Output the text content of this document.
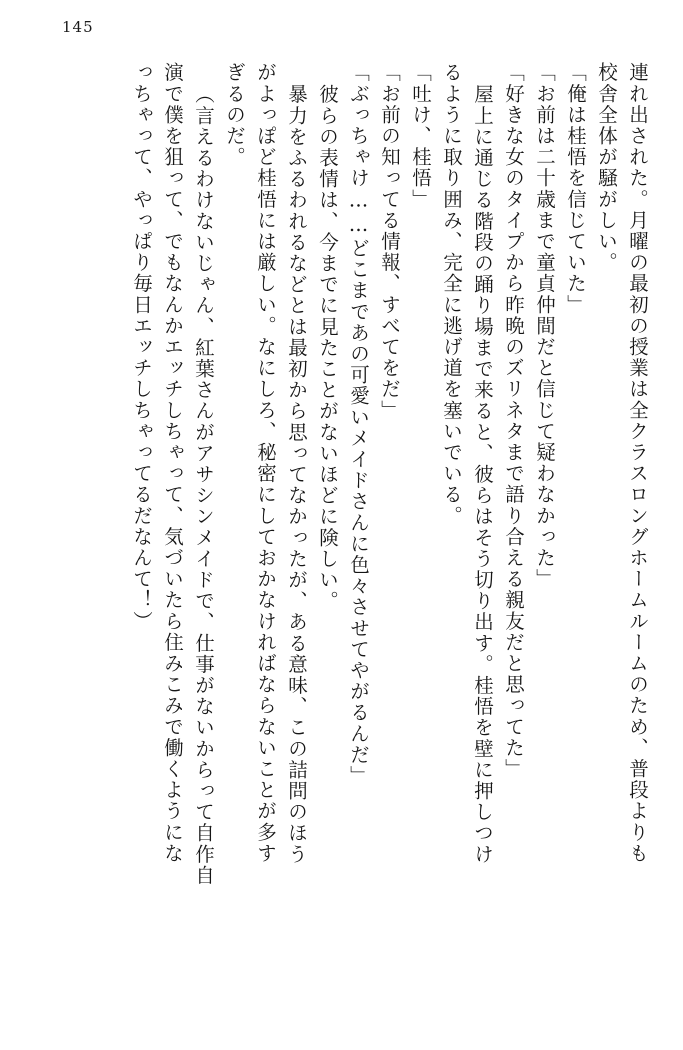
145
連れ出された。月曜の最初の授業は全クラスロングホームルームのため、普段よりも
校舎全体が騒がしい。
「俺は桂悟を信じていた」
「お前は二十歳まで童貞仲間だと信じて疑わなかった」
「好きな女のタイプから昨晩のズリネタまで語り合える親友だと思ってた」
屋上に通じる階段の踊り場まで来ると、彼らはそう切り出す。桂悟を壁に押しつけ
るように取り囲み、完全に逃げ道を塞いでいる。
「吐け、桂悟」
「お前の知ってる情報、すべてをだ」
「ぶっちゃけ……どこまであの可愛いメイドさんに色々させてやがるんだ」
彼らの表情は、今までに見たことがないほどに険しい。
暴力をふるわれるなどとは最初から思ってなかったが、ある意味、この詰問のほう
がよっぽど桂悟には厳しい。なにしろ、秘密にしておかなければならないことが多す
ぎるのだ。
（言えるわけないじゃん、紅葉さんがアサシンメイドで、仕事がないからって自作自
演で僕を狙って、でもなんかエッチしちゃって、気づいたら住みこみで働くようにな
っちゃって、やっぱり毎日エッチしちゃってるだなんて！）
